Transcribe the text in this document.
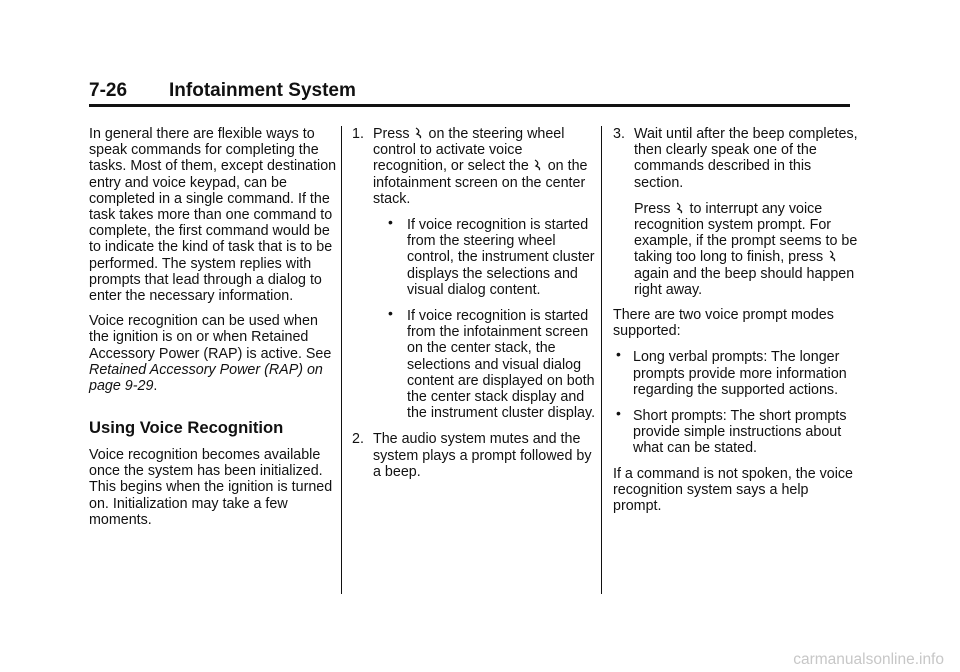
7-26 Infotainment System

In general there are flexible ways to speak commands for completing the tasks. Most of them, except destination entry and voice keypad, can be completed in a single command. If the task takes more than one command to complete, the first command would be to indicate the kind of task that is to be performed. The system replies with prompts that lead through a dialog to enter the necessary information.

Voice recognition can be used when the ignition is on or when Retained Accessory Power (RAP) is active. See Retained Accessory Power (RAP) on page 9-29.

Using Voice Recognition

Voice recognition becomes available once the system has been initialized. This begins when the ignition is turned on. Initialization may take a few moments.

1. Press on the steering wheel control to activate voice recognition, or select the on the infotainment screen on the center stack.
• If voice recognition is started from the steering wheel control, the instrument cluster displays the selections and visual dialog content.
• If voice recognition is started from the infotainment screen on the center stack, the selections and visual dialog content are displayed on both the center stack display and the instrument cluster display.
2. The audio system mutes and the system plays a prompt followed by a beep.
3. Wait until after the beep completes, then clearly speak one of the commands described in this section.
Press to interrupt any voice recognition system prompt. For example, if the prompt seems to be taking too long to finish, press  again and the beep should happen right away.

There are two voice prompt modes supported:

• Long verbal prompts: The longer prompts provide more information regarding the supported actions.
• Short prompts: The short prompts provide simple instructions about what can be stated.

If a command is not spoken, the voice recognition system says a help prompt.

carmanualsonline.info
